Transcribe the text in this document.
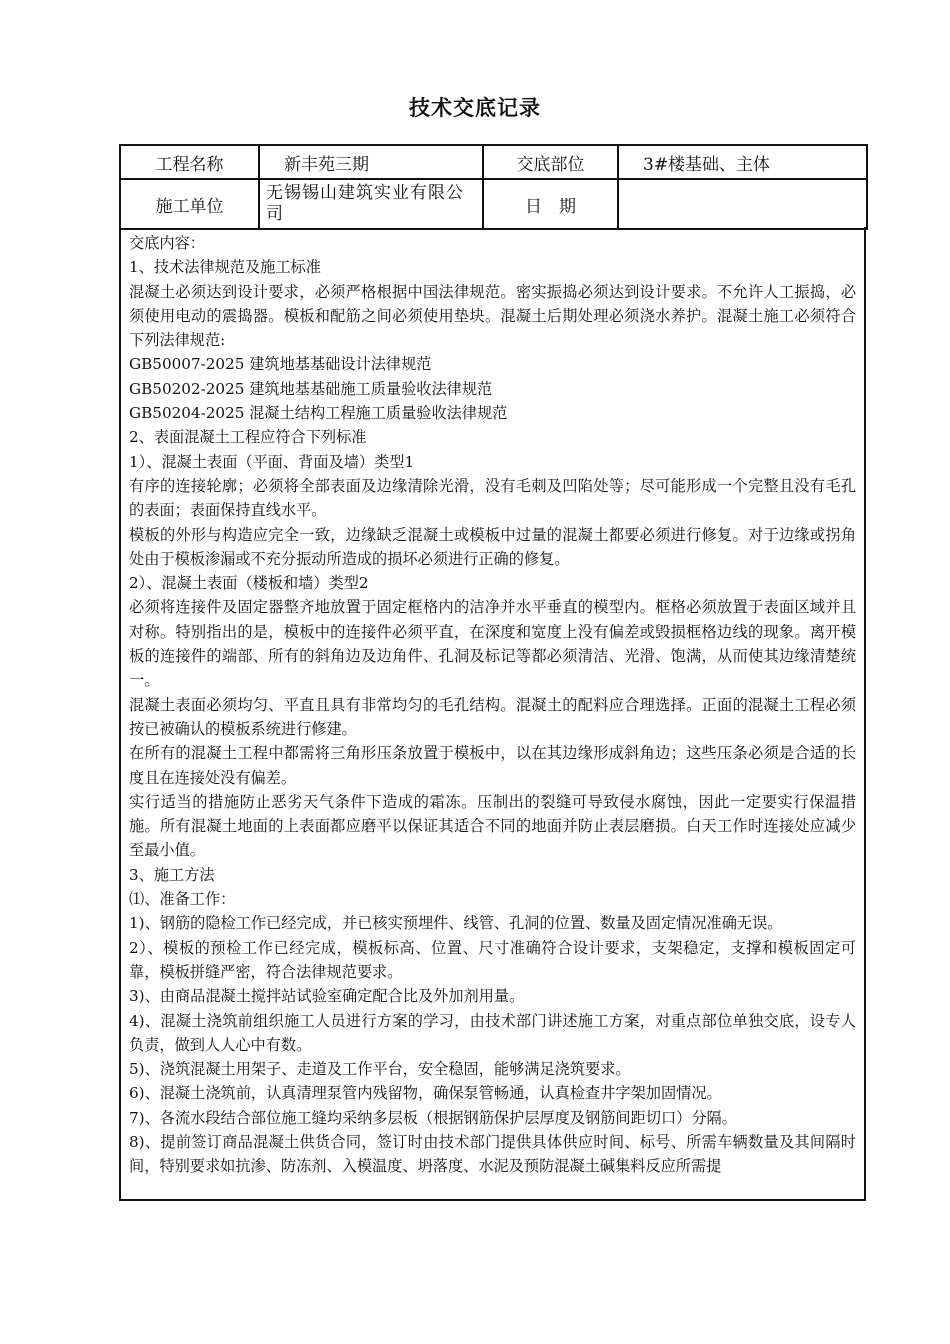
技术交底记录
工程名称	新丰苑三期	交底部位	3#楼基础、主体
施工单位	无锡锡山建筑实业有限公司	日　期	

交底内容：

1、技术法律规范及施工标准

混凝土必须达到设计要求，必须严格根据中国法律规范。密实振捣必须达到设计要求。不允许人工振捣，必须使用电动的震捣器。模板和配筋之间必须使用垫块。混凝土后期处理必须浇水养护。混凝土施工必须符合下列法律规范:

GB50007-2025 建筑地基基础设计法律规范

GB50202-2025 建筑地基基础施工质量验收法律规范

GB50204-2025 混凝土结构工程施工质量验收法律规范

2、表面混凝土工程应符合下列标准

1）、混凝土表面（平面、背面及墙）类型1

有序的连接轮廓；必须将全部表面及边缘清除光滑，没有毛刺及凹陷处等；尽可能形成一个完整且没有毛孔的表面；表面保持直线水平。

模板的外形与构造应完全一致，边缘缺乏混凝土或模板中过量的混凝土都要必须进行修复。对于边缘或拐角处由于模板渗漏或不充分振动所造成的损坏必须进行正确的修复。

2）、混凝土表面（楼板和墙）类型2

必须将连接件及固定器整齐地放置于固定框格内的洁净并水平垂直的模型内。框格必须放置于表面区域并且对称。特别指出的是，模板中的连接件必须平直，在深度和宽度上没有偏差或毁损框格边线的现象。离开模板的连接件的端部、所有的斜角边及边角件、孔洞及标记等都必须清洁、光滑、饱满，从而使其边缘清楚统一。

混凝土表面必须均匀、平直且具有非常均匀的毛孔结构。混凝土的配料应合理选择。正面的混凝土工程必须按已被确认的模板系统进行修建。

在所有的混凝土工程中都需将三角形压条放置于模板中，以在其边缘形成斜角边；这些压条必须是合适的长度且在连接处没有偏差。

实行适当的措施防止恶劣天气条件下造成的霜冻。压制出的裂缝可导致侵水腐蚀，因此一定要实行保温措施。所有混凝土地面的上表面都应磨平以保证其适合不同的地面并防止表层磨损。白天工作时连接处应减少至最小值。

3、施工方法

⑴、准备工作：

1)、钢筋的隐检工作已经完成，并已核实预埋件、线管、孔洞的位置、数量及固定情况准确无误。

2）、模板的预检工作已经完成，模板标高、位置、尺寸准确符合设计要求，支架稳定，支撑和模板固定可靠，模板拼缝严密，符合法律规范要求。

3)、由商品混凝土搅拌站试验室确定配合比及外加剂用量。

4)、混凝土浇筑前组织施工人员进行方案的学习，由技术部门讲述施工方案，对重点部位单独交底，设专人负责，做到人人心中有数。

5)、浇筑混凝土用架子、走道及工作平台，安全稳固，能够满足浇筑要求。

6)、混凝土浇筑前，认真清理泵管内残留物，确保泵管畅通，认真检查井字架加固情况。

7)、各流水段结合部位施工缝均采纳多层板（根据钢筋保护层厚度及钢筋间距切口）分隔。

8)、提前签订商品混凝土供货合同，签订时由技术部门提供具体供应时间、标号、所需车辆数量及其间隔时间，特别要求如抗渗、防冻剂、入模温度、坍落度、水泥及预防混凝土碱集料反应所需提
